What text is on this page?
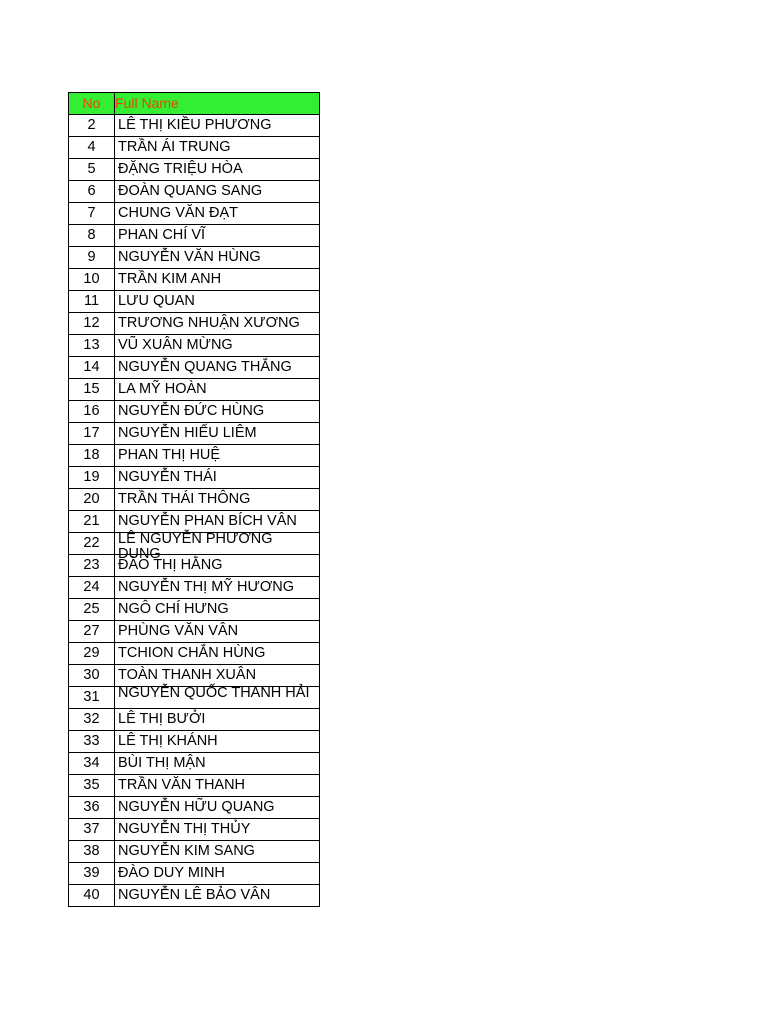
No	Full Name
2	LÊ THỊ KIỀU PHƯƠNG
4	TRẦN ÁI TRUNG
5	ĐẶNG TRIỆU HÒA
6	ĐOÀN QUANG SANG
7	CHUNG VĂN ĐẠT
8	PHAN CHÍ VĨ
9	NGUYỄN VĂN HÙNG
10	TRẦN KIM ANH
11	LƯU QUAN
12	TRƯƠNG NHUẬN XƯƠNG
13	VŨ XUÂN MỪNG
14	NGUYỄN QUANG THẮNG
15	LA MỸ HOÀN
16	NGUYỄN ĐỨC HÙNG
17	NGUYỄN HIẾU LIÊM
18	PHAN THỊ HUỆ
19	NGUYỄN THÁI
20	TRẦN THÁI THÔNG
21	NGUYỄN PHAN BÍCH VÂN
22	LÊ NGUYỄN PHƯƠNG DUNG

23	ĐÀO THỊ HẰNG
24	NGUYỄN THỊ MỸ HƯƠNG
25	NGÔ CHÍ HƯNG
27	PHÙNG VĂN VÂN
29	TCHION CHẮN HÙNG
30	TOÀN THANH XUÂN
31	NGUYỄN QUỐC THANH HẢI

32	LÊ THỊ BƯỞI
33	LÊ THỊ KHÁNH
34	BÙI THỊ MẬN
35	TRẦN VĂN THANH
36	NGUYỄN HỮU QUANG
37	NGUYỄN THỊ THỦY
38	NGUYỄN KIM SANG
39	ĐÀO DUY MINH
40	NGUYỄN LÊ BẢO VÂN
